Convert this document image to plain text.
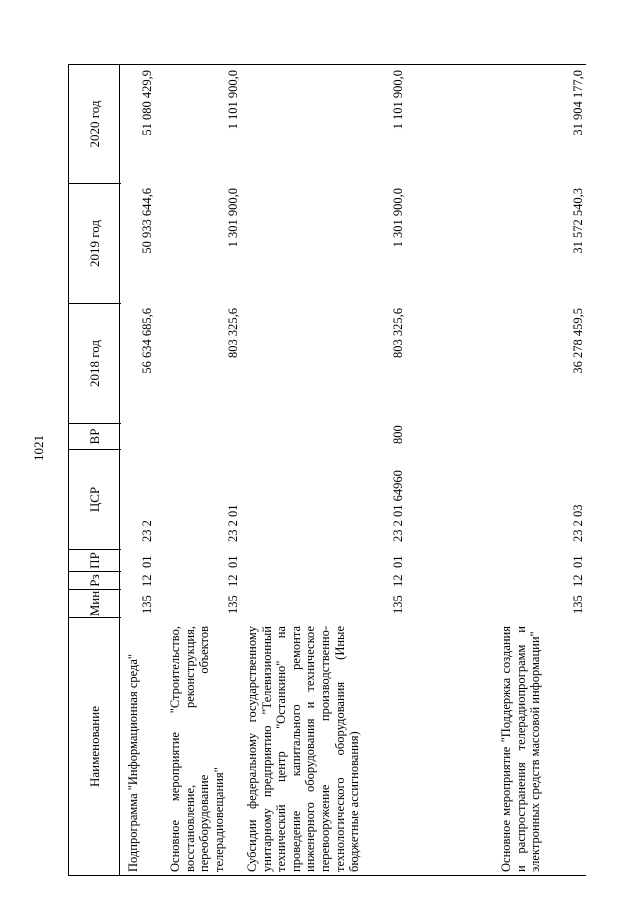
1021
Наименование
Мин
Рз
ПР
ЦСР
ВР
2018 год
2019 год
2020 год
Подпрограмма "Информационная среда"
135
12
01
23 2
56 634 685,6
50 933 644,6
51 080 429,9
Основное мероприятие "Строительство, восстановление, реконструкция, переоборудование объектов телерадиовещания"
135
12
01
23 2 01
803 325,6
1 301 900,0
1 101 900,0
Субсидии федеральному государственному унитарному предприятию "Телевизионный технический центр "Останкино" на проведение капитального ремонта инженерного оборудования и техническое перевооружение производственно-технологического оборудования (Иные бюджетные ассигнования)
135
12
01
23 2 01 64960
800
803 325,6
1 301 900,0
1 101 900,0
Основное мероприятие "Поддержка создания и распространения телерадиопрограмм и электронных средств массовой информации"
135
12
01
23 2 03
36 278 459,5
31 572 540,3
31 904 177,0
